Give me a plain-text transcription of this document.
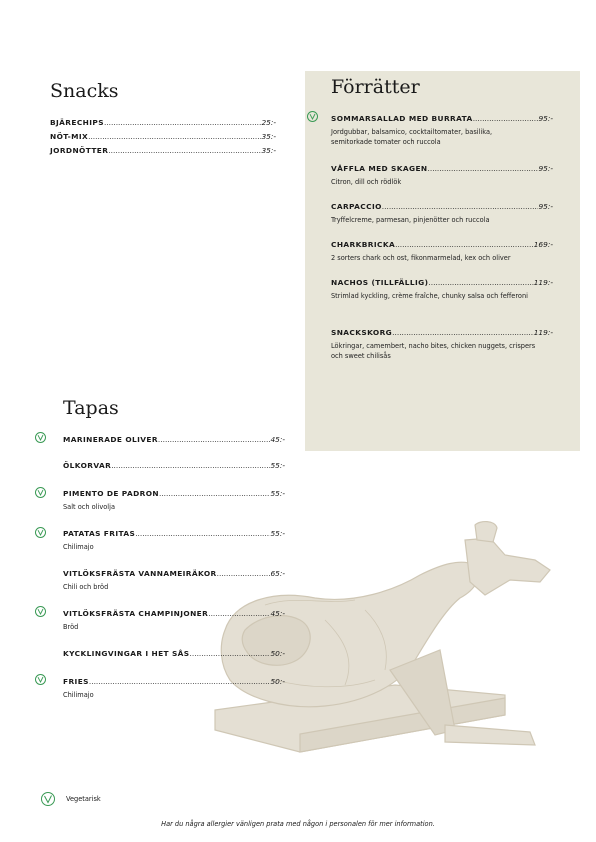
Snacks
BJÄRECHIPS .....	25:-
NÖT-MIX .....	35:-
JORDNÖTTER .....	35:-
Tapas
MARINERADE OLIVER .....	45:-
ÖLKORVAR .....	55:-
PIMENTO DE PADRON .....	55:-
Salt och olivolja
PATATAS FRITAS .....	55:-
Chilimajo
VITLÖKSFRÄSTA VANNAMEIRÄKOR .....	65:-
Chili och bröd
VITLÖKSFRÄSTA CHAMPINJONER .....	45:-
Bröd
KYCKLINGVINGAR I HET SÅS .....	50:-
FRIES .....	50:-
Chilimajo
Förrätter
SOMMARSALLAD MED BURRATA .....	95:-
Jordgubbar, balsamico, cocktailtomater, basilika, semitorkade tomater och ruccola
VÅFFLA MED SKAGEN .....	95:-
Citron, dill och rödlök
CARPACCIO .....	95:-
Tryffelcreme, parmesan, pinjenötter och ruccola
CHARKBRICKA .....	169:-
2 sorters chark och ost, fikonmarmelad, kex och oliver
NACHOS (TILLFÄLLIG) .....	119:-
Strimlad kyckling, crème fraîche, chunky salsa och fefferoni
SNACKSKORG .....	119:-
Lökringar, camembert, nacho bites, chicken nuggets, crispers och sweet chilisås
Vegetarisk
Har du några allergier vänligen prata med någon i personalen för mer information.
